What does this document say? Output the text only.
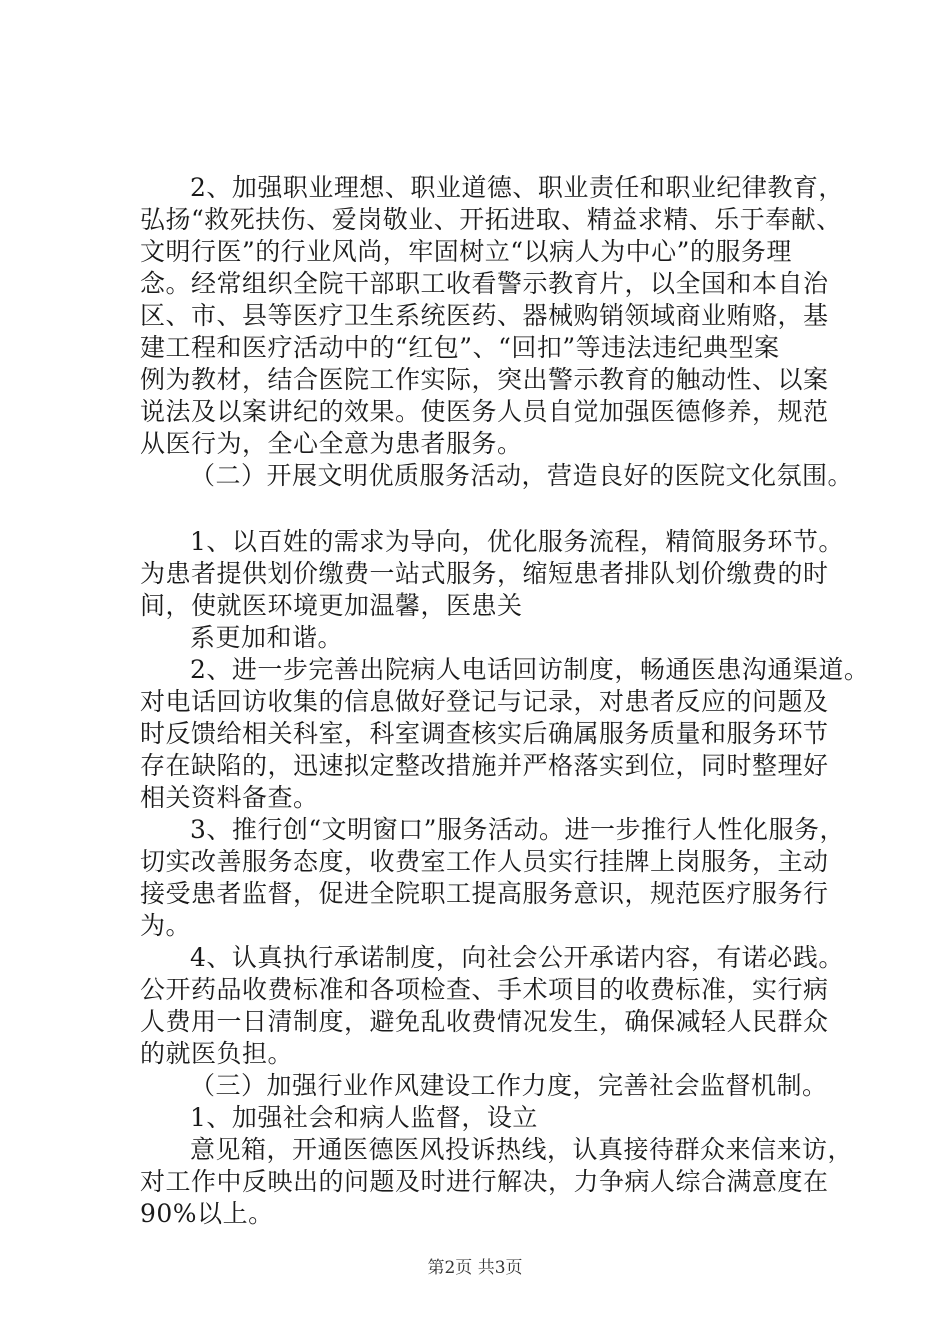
2、加强职业理想、职业道德、职业责任和职业纪律教育，

弘扬“救死扶伤、爱岗敬业、开拓进取、精益求精、乐于奉献、

文明行医”的行业风尚，牢固树立“以病人为中心”的服务理

念。经常组织全院干部职工收看警示教育片，以全国和本自治

区、市、县等医疗卫生系统医药、器械购销领域商业贿赂，基

建工程和医疗活动中的“红包”、“回扣”等违法违纪典型案

例为教材，结合医院工作实际，突出警示教育的触动性、以案

说法及以案讲纪的效果。使医务人员自觉加强医德修养，规范

从医行为，全心全意为患者服务。

（二）开展文明优质服务活动，营造良好的医院文化氛围。

1、以百姓的需求为导向，优化服务流程，精简服务环节。

为患者提供划价缴费一站式服务，缩短患者排队划价缴费的时

间，使就医环境更加温馨，医患关

系更加和谐。

2、进一步完善出院病人电话回访制度，畅通医患沟通渠道。

对电话回访收集的信息做好登记与记录，对患者反应的问题及

时反馈给相关科室，科室调查核实后确属服务质量和服务环节

存在缺陷的，迅速拟定整改措施并严格落实到位，同时整理好

相关资料备查。

3、推行创“文明窗口”服务活动。进一步推行人性化服务，

切实改善服务态度，收费室工作人员实行挂牌上岗服务，主动

接受患者监督，促进全院职工提高服务意识，规范医疗服务行

为。

4、认真执行承诺制度，向社会公开承诺内容，有诺必践。

公开药品收费标准和各项检查、手术项目的收费标准，实行病

人费用一日清制度，避免乱收费情况发生，确保减轻人民群众

的就医负担。

（三）加强行业作风建设工作力度，完善社会监督机制。

1、加强社会和病人监督，设立

意见箱，开通医德医风投诉热线，认真接待群众来信来访，

对工作中反映出的问题及时进行解决，力争病人综合满意度在

90%以上。

第2页 共3页
